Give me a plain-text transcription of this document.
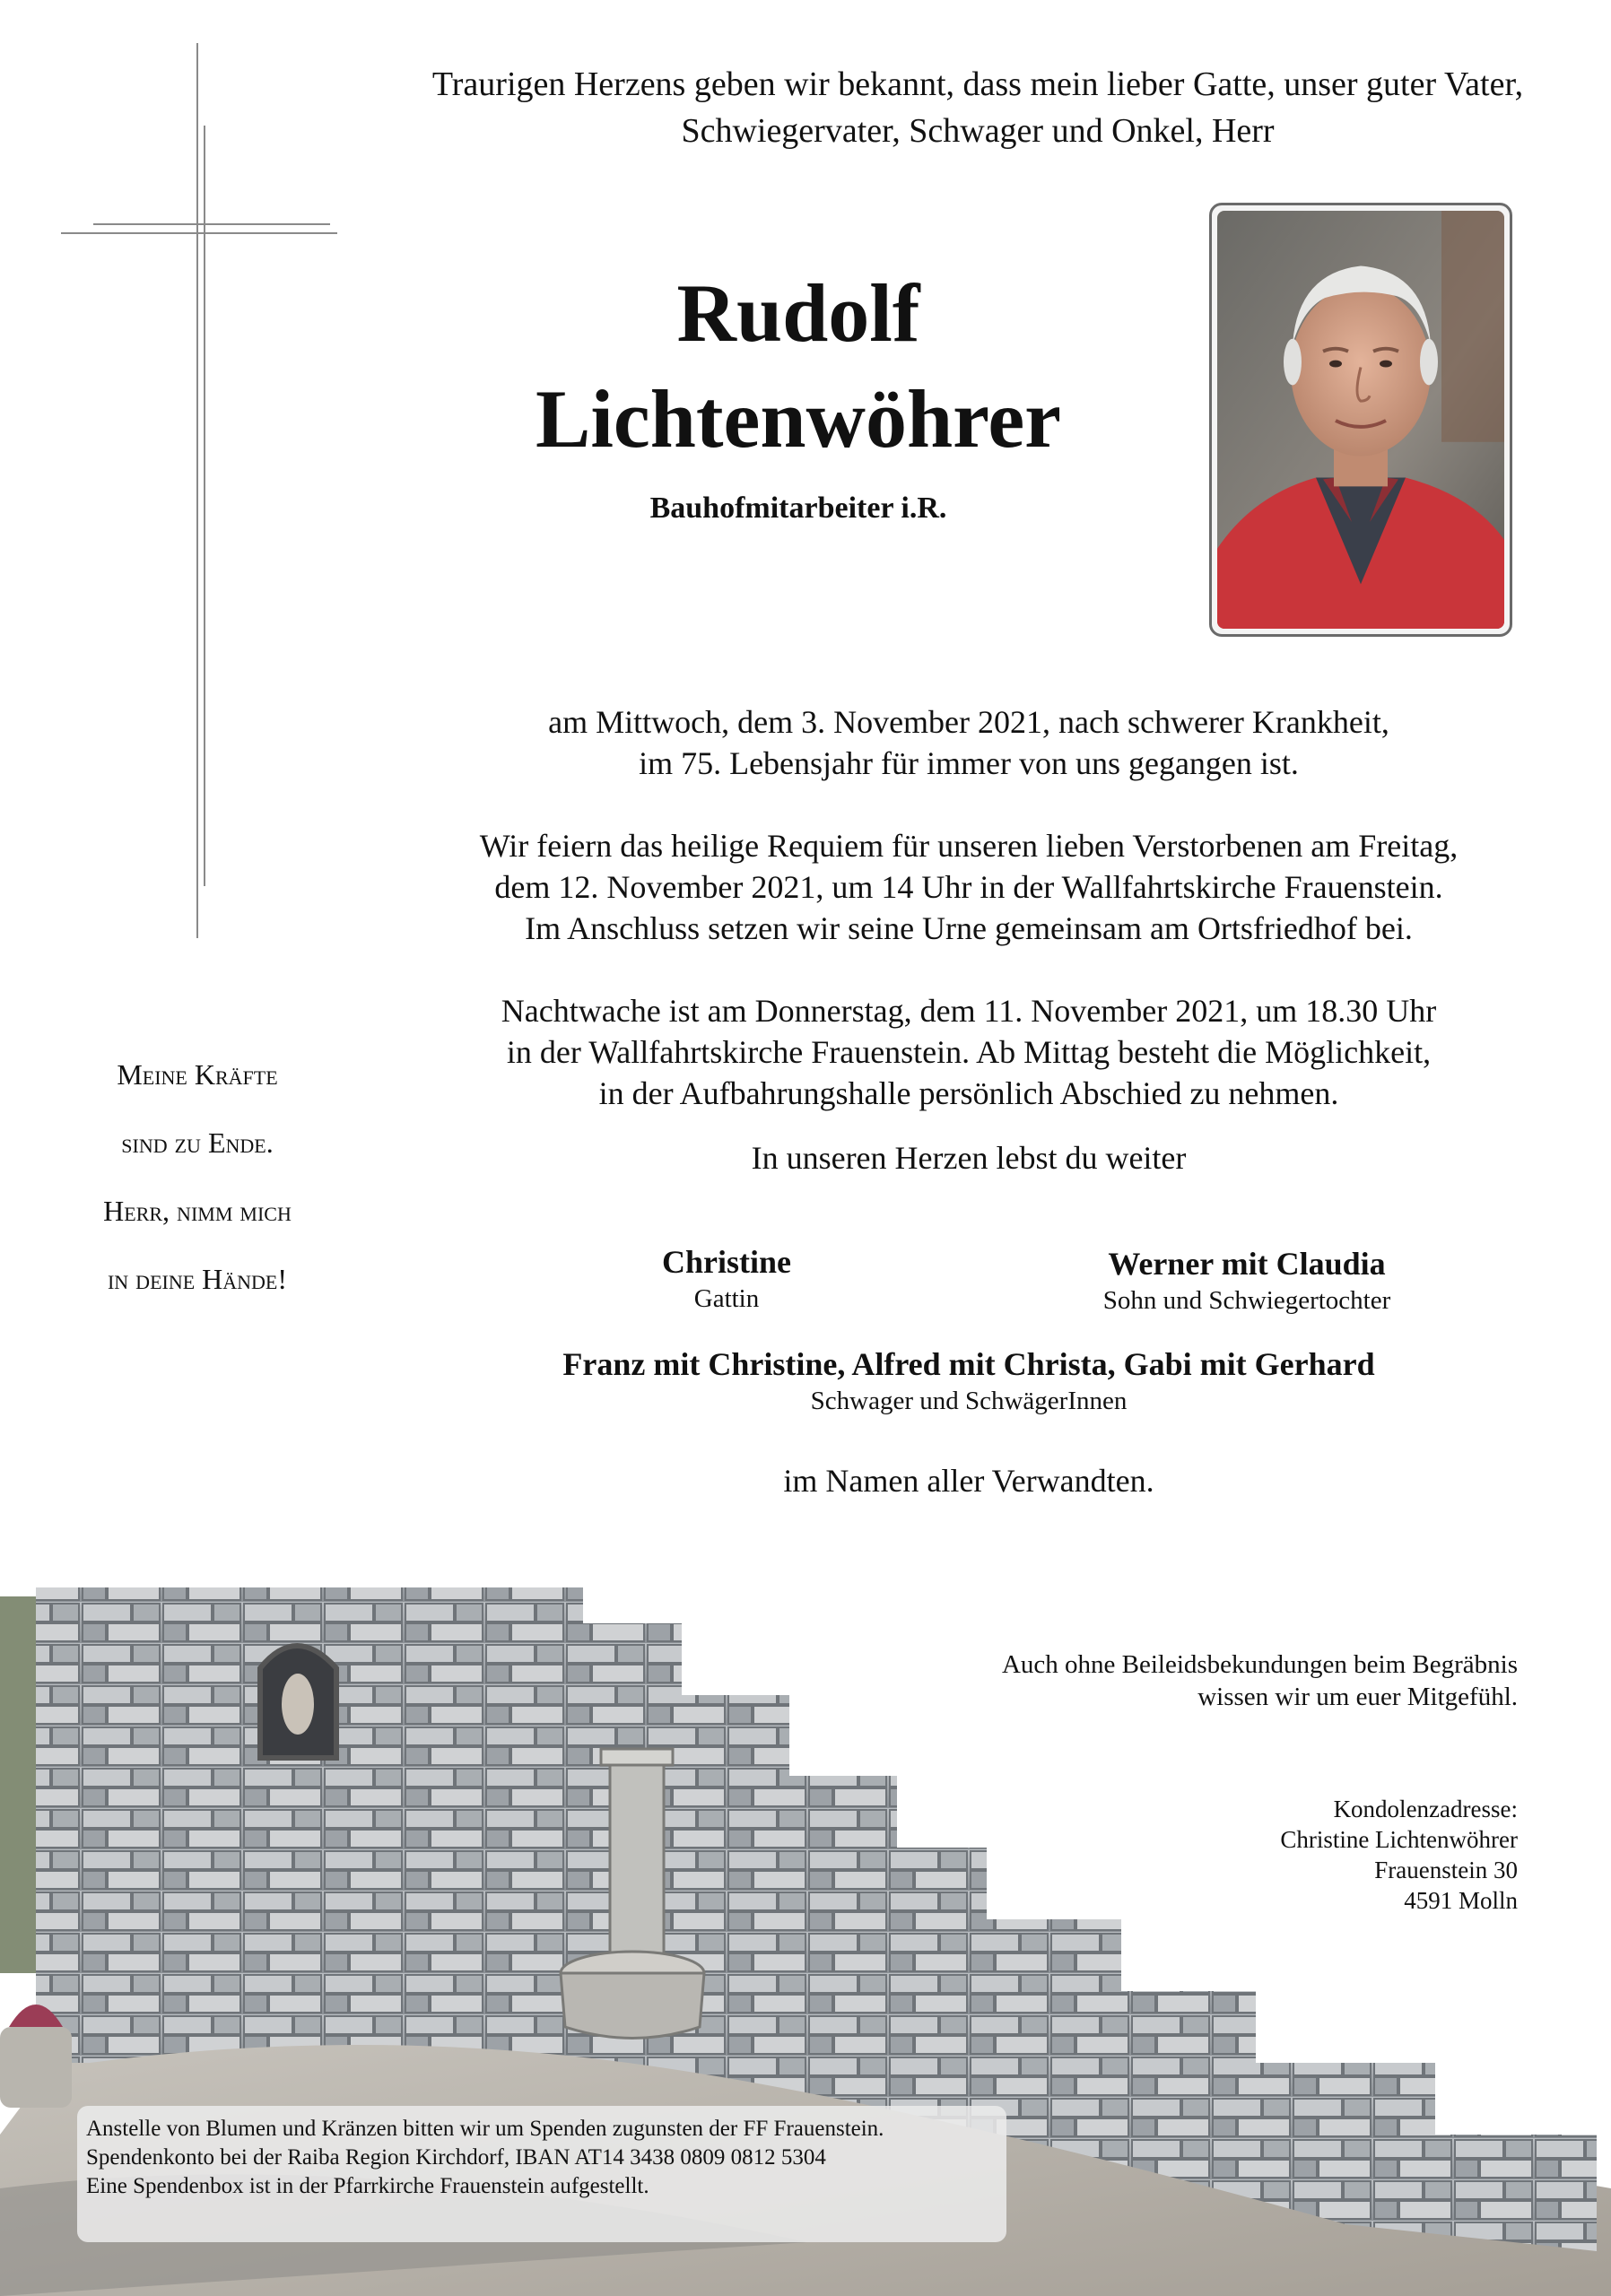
Traurigen Herzens geben wir bekannt, dass mein lieber Gatte, unser guter Vater,
Schwiegervater, Schwager und Onkel, Herr
Rudolf
Lichtenwöhrer
Bauhofmitarbeiter i.R.
am Mittwoch, dem 3. November 2021, nach schwerer Krankheit,
im 75. Lebensjahr für immer von uns gegangen ist.
Wir feiern das heilige Requiem für unseren lieben Verstorbenen am Freitag,
dem 12. November 2021, um 14 Uhr in der Wallfahrtskirche Frauenstein.
Im Anschluss setzen wir seine Urne gemeinsam am Ortsfriedhof bei.
Nachtwache ist am Donnerstag, dem 11. November 2021, um 18.30 Uhr
in der Wallfahrtskirche Frauenstein. Ab Mittag besteht die Möglichkeit,
in der Aufbahrungshalle persönlich Abschied zu nehmen.
In unseren Herzen lebst du weiter
Meine Kräfte
sind zu Ende.
Herr, nimm mich
in deine Hände!	Christine
Gattin
Werner mit Claudia
Sohn und Schwiegertochter
Franz mit Christine, Alfred mit Christa, Gabi mit Gerhard
Schwager und SchwägerInnen
im Namen aller Verwandten.
Auch ohne Beileidsbekundungen beim Begräbnis
wissen wir um euer Mitgefühl.
Kondolenzadresse:
Christine Lichtenwöhrer
Frauenstein 30
4591 Molln
Anstelle von Blumen und Kränzen bitten wir um Spenden zugunsten der FF Frauenstein.
Spendenkonto bei der Raiba Region Kirchdorf, IBAN AT14 3438 0809 0812 5304
Eine Spendenbox ist in der Pfarrkirche Frauenstein aufgestellt.
